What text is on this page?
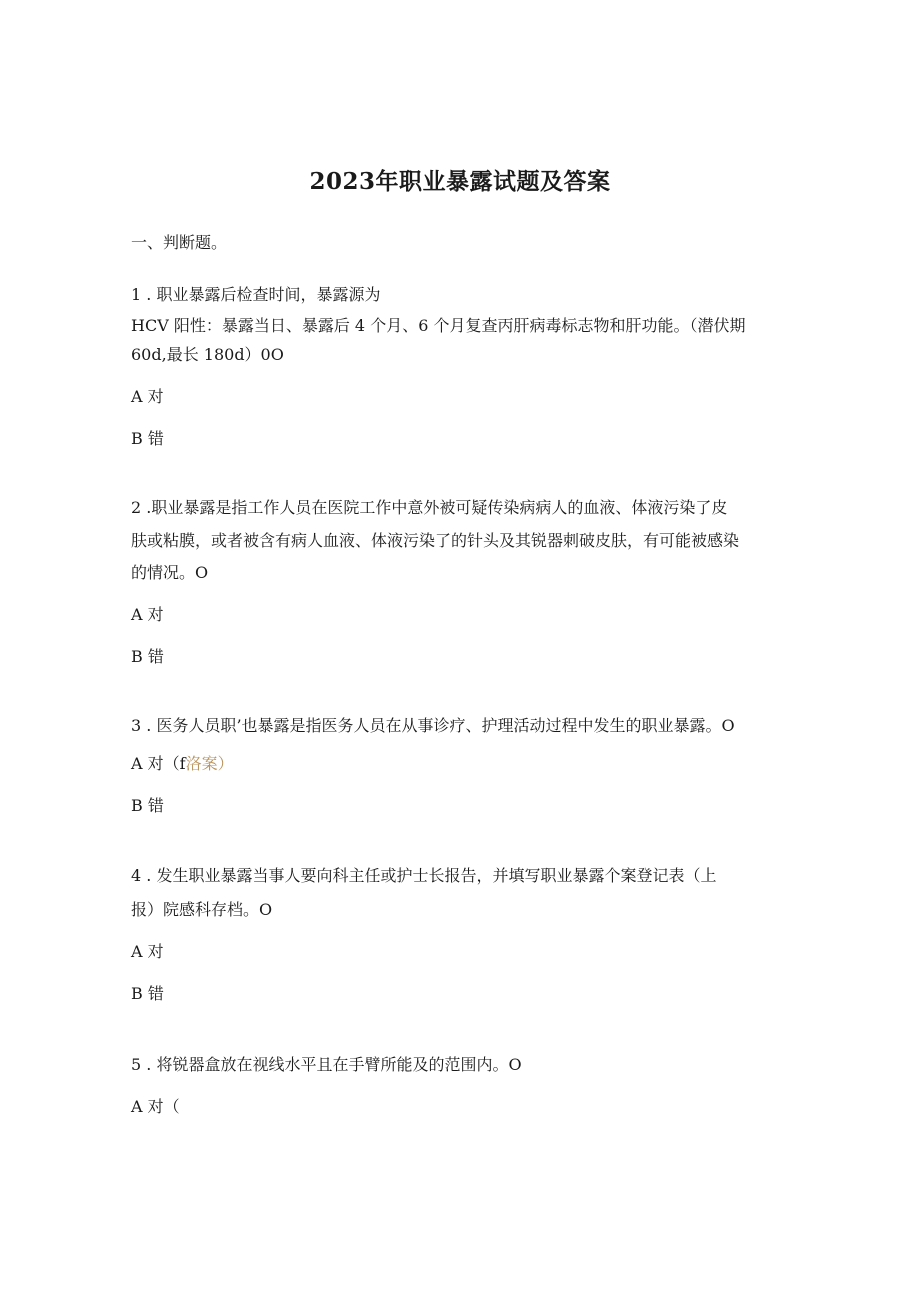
2023年职业暴露试题及答案
一、判断题。
1 . 职业暴露后检查时间，暴露源为
HCV 阳性：暴露当日、暴露后 4 个月、6 个月复查丙肝病毒标志物和肝功能。（潜伏期
60d,最长 180d）0O
A 对
B 错
2 .职业暴露是指工作人员在医院工作中意外被可疑传染病病人的血液、体液污染了皮
肤或粘膜，或者被含有病人血液、体液污染了的针头及其锐器刺破皮肤，有可能被感染
的情况。O
A 对
B 错
3 . 医务人员职’也暴露是指医务人员在从事诊疗、护理活动过程中发生的职业暴露。O
A 对（f洛案）
B 错
4 . 发生职业暴露当事人要向科主任或护士长报告，并填写职业暴露个案登记表（上
报）院感科存档。O
A 对
B 错
5 . 将锐器盒放在视线水平且在手臂所能及的范围内。O
A 对（
